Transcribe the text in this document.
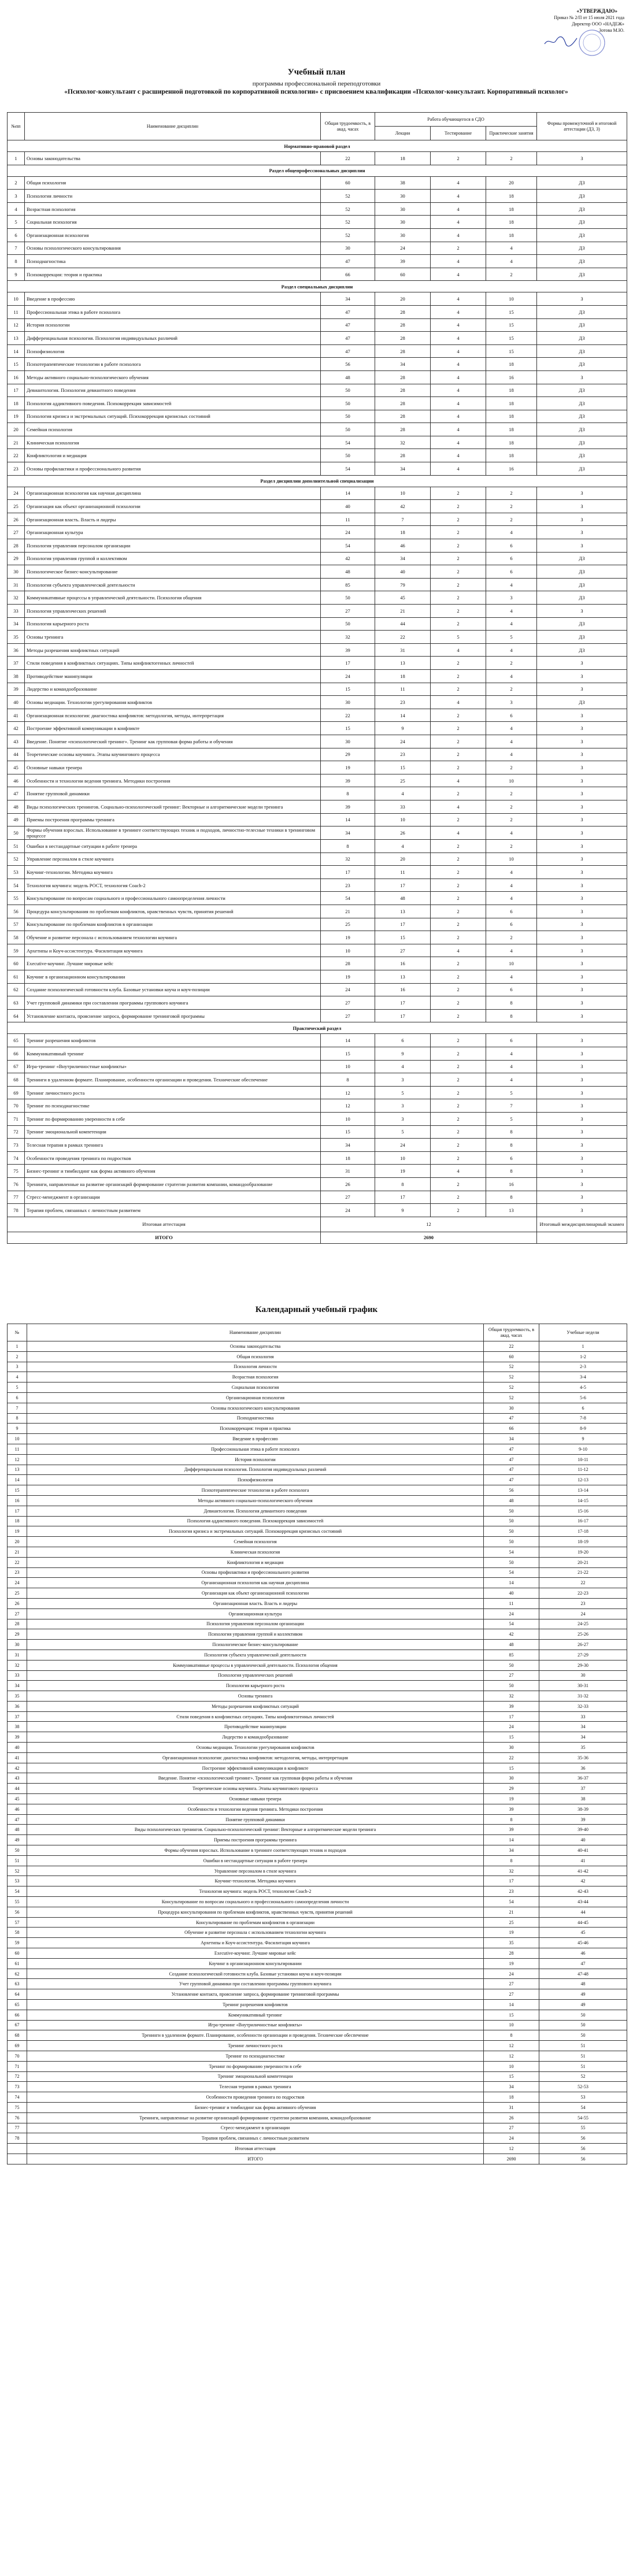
«УТВЕРЖДАЮ»
Приказ № 2/П от 15 июля 2021 года
Директор ООО «НАДЕЖ»
Зотова М.Ю.
Учебный план
программы профессиональной переподготовки
«Психолог-консультант с расширенной подготовкой по корпоративной психологии» с присвоением квалификации «Психолог-консультант. Корпоративный психолог»
№пп	Наименование дисциплин	Общая трудоемкость, в акад. часах	Работа обучающегося в СДО			Формы промежуточной и итоговой аттестации (ДЗ, З)
			Лекции	Тестирование	Практические занятия	
Нормативно-правовой раздел						
1	Основы законодательства	22	18	2	2	З
Раздел общепрофессиональных дисциплин						
2	Общая психология	60	38	4	20	ДЗ
3	Психология личности	52	30	4	18	ДЗ
4	Возрастная психология	52	30	4	18	ДЗ
5	Социальная психология	52	30	4	18	ДЗ
6	Организационная психология	52	30	4	18	ДЗ
7	Основы психологического консультирования	30	24	2	4	ДЗ
8	Психодиагностика	47	39	4	4	ДЗ
9	Психокоррекция: теория и практика	66	60	4	2	ДЗ
Раздел специальных дисциплин						
10	Введение в профессию	34	20	4	10	З
11	Профессиональная этика в работе психолога	47	28	4	15	ДЗ
12	История психологии	47	28	4	15	ДЗ
13	Дифференциальная психология. Психология индивидуальных различий	47	28	4	15	ДЗ
14	Психофизиология	47	28	4	15	ДЗ
15	Психотерапевтические технологии в работе психолога	56	34	4	18	ДЗ
16	Методы активного социально-психологического обучения	48	28	4	16	З
17	Девиантология. Психология девиантного поведения	50	28	4	18	ДЗ
18	Психология аддиктивного поведения. Психокоррекция зависимостей	50	28	4	18	ДЗ
19	Психология кризиса и экстремальных ситуаций. Психокоррекция кризисных состояний	50	28	4	18	ДЗ
20	Семейная психология	50	28	4	18	ДЗ
21	Клиническая психология	54	32	4	18	ДЗ
22	Конфликтология и медиация	50	28	4	18	ДЗ
23	Основы профилактики и профессионального развития	54	34	4	16	ДЗ
Раздел дисциплин дополнительной специализации						
24	Организационная психология как научная дисциплина	14	10	2	2	З
25	Организация как объект организационной психологии	40	42	2	2	З
26	Организационная власть. Власть и лидеры	11	7	2	2	З
27	Организационная культура	24	18	2	4	З
28	Психология управления персоналом организации	54	46	2	6	З
29	Психология управления группой и коллективом	42	34	2	6	ДЗ
30	Психологическое бизнес-консультирование	48	40	2	6	ДЗ
31	Психология субъекта управленческой деятельности	85	79	2	4	ДЗ
32	Коммуникативные процессы в управленческой деятельности. Психология общения	50	45	2	3	ДЗ
33	Психология управленческих решений	27	21	2	4	З
34	Психология карьерного роста	50	44	2	4	ДЗ
35	Основы тренинга	32	22	5	5	ДЗ
36	Методы разрешения конфликтных ситуаций	39	31	4	4	ДЗ
37	Стили поведения в конфликтных ситуациях. Типы конфликтогенных личностей	17	13	2	2	З
38	Противодействие манипуляции	24	18	2	4	З
39	Лидерство и командообразование	15	11	2	2	З
40	Основы медиации. Технологии урегулирования конфликтов	30	23	4	3	ДЗ
41	Организационная психология: диагностика конфликтов: методология, методы, интерпретация	22	14	2	6	З
42	Построение эффективной коммуникации в конфликте	15	9	2	4	З
43	Введение. Понятие «психологический тренинг». Тренинг как групповая форма работы и обучения	30	24	2	4	З
44	Теоретические основы коучинга. Этапы коучингового процесса	29	23	2	4	З
45	Основные навыки тренера	19	15	2	2	З
46	Особенности и технологии ведения тренинга. Методики построения	39	25	4	10	З
47	Понятие групповой динамики	8	4	2	2	З
48	Виды психологических тренингов. Социально-психологический тренинг: Векторные и алгоритмические модели тренинга	39	33	4	2	З
49	Приемы построения программы тренинга	14	10	2	2	З
50	Формы обучения взрослых. Использование в тренинге соответствующих техник и подходов, личностно-телесные техники в тренинговом процессе	34	26	4	4	З
51	Ошибки в нестандартные ситуации в работе тренера	8	4	2	2	З
52	Управление персоналом в стиле коучинга	32	20	2	10	З
53	Коучинг-технологии. Методика коучинга	17	11	2	4	З
54	Технология коучинга: модель РОСТ, технология Coach-2	23	17	2	4	З
55	Консультирование по вопросам социального и профессионального самоопределения личности	54	48	2	4	З
56	Процедура консультирования по проблемам конфликтов, нравственных чувств, принятия решений	21	13	2	6	З
57	Консультирование по проблемам конфликтов в организации	25	17	2	6	З
58	Обучение и развитие персонала с использованием технологии коучинга	19	15	2	2	З
59	Архетипы и Коуч-ассистентура. Фасилитация коучинга	10	27	4	4	З
60	Executive-коучинг. Лучшие мировые кейс	28	16	2	10	З
61	Коучинг в организационном консультировании	19	13	2	4	З
62	Создание психологической готовности клуба. Базовые установки коуча и коуч-позиции	24	16	2	6	З
63	Учет групповой динамики при составлении программы группового коучинга	27	17	2	8	З
64	Установление контакта, прояснение запроса, формирование тренинговой программы	27	17	2	8	З
Практический раздел						
65	Тренинг разрешения конфликтов	14	6	2	6	З
66	Коммуникативный тренинг	15	9	2	4	З
67	Игра-тренинг «Внутриличностные конфликты»	10	4	2	4	З
68	Тренинги в удаленном формате. Планирование, особенности организации и проведения. Технические обеспечение	8	3	2	4	З
69	Тренинг личностного роста	12	5	2	5	З
70	Тренинг по психодиагностике	12	3	2	7	З
71	Тренинг по формированию уверенности в себе	10	3	2	5	З
72	Тренинг эмоциональной компетенции	15	5	2	8	З
73	Телесная терапия в рамках тренинга	34	24	2	8	З
74	Особенности проведения тренинга по подростков	18	10	2	6	З
75	Бизнес-тренинг и тимбилдинг как форма активного обучения	31	19	4	8	З
76	Тренинги, направленные на развитие организаций формирование стратегии развития компании, командообразование	26	8	2	16	З
77	Стресс-менеджмент в организации	27	17	2	8	З
78	Терапия проблем, связанных с личностным развитием	24	9	2	13	З
Итоговая аттестация		12				Итоговый междисциплинарный экзамен
ИТОГО		2690				
Календарный учебный график
№	Наименование дисциплин	Общая трудоемкость, в акад. часах	Учебные недели
1	Основы законодательства	22	1
2	Общая психология	60	1-2
3	Психология личности	52	2-3
4	Возрастная психология	52	3-4
5	Социальная психология	52	4-5
6	Организационная психология	52	5-6
7	Основы психологического консультирования	30	6
8	Психодиагностика	47	7-8
9	Психокоррекция: теория и практика	66	8-9
10	Введение в профессию	34	9
11	Профессиональная этика в работе психолога	47	9-10
12	История психологии	47	10-11
13	Дифференциальная психология. Психология индивидуальных различий	47	11-12
14	Психофизиология	47	12-13
15	Психотерапевтические технологии в работе психолога	56	13-14
16	Методы активного социально-психологического обучения	48	14-15
17	Девиантология. Психология девиантного поведения	50	15-16
18	Психология аддиктивного поведения. Психокоррекция зависимостей	50	16-17
19	Психология кризиса и экстремальных ситуаций. Психокоррекция кризисных состояний	50	17-18
20	Семейная психология	50	18-19
21	Клиническая психология	54	19-20
22	Конфликтология и медиация	50	20-21
23	Основы профилактики и профессионального развития	54	21-22
24	Организационная психология как научная дисциплина	14	22
25	Организация как объект организационной психологии	40	22-23
26	Организационная власть. Власть и лидеры	11	23
27	Организационная культура	24	24
28	Психология управления персоналом организации	54	24-25
29	Психология управления группой и коллективом	42	25-26
30	Психологическое бизнес-консультирование	48	26-27
31	Психология субъекта управленческой деятельности	85	27-29
32	Коммуникативные процессы в управленческой деятельности. Психология общения	50	29-30
33	Психология управленческих решений	27	30
34	Психология карьерного роста	50	30-31
35	Основы тренинга	32	31-32
36	Методы разрешения конфликтных ситуаций	39	32-33
37	Стили поведения в конфликтных ситуациях. Типы конфликтогенных личностей	17	33
38	Противодействие манипуляции	24	34
39	Лидерство и командообразование	15	34
40	Основы медиации. Технологии урегулирования конфликтов	30	35
41	Организационная психология: диагностика конфликтов: методология, методы, интерпретация	22	35-36
42	Построение эффективной коммуникации в конфликте	15	36
43	Введение. Понятие «психологический тренинг». Тренинг как групповая форма работы и обучения	30	36-37
44	Теоретические основы коучинга. Этапы коучингового процесса	29	37
45	Основные навыки тренера	19	38
46	Особенности и технологии ведения тренинга. Методики построения	39	38-39
47	Понятие групповой динамики	8	39
48	Виды психологических тренингов. Социально-психологический тренинг: Векторные и алгоритмические модели тренинга	39	39-40
49	Приемы построения программы тренинга	14	40
50	Формы обучения взрослых. Использование в тренинге соответствующих техник и подходов	34	40-41
51	Ошибки в нестандартные ситуации в работе тренера	8	41
52	Управление персоналом в стиле коучинга	32	41-42
53	Коучинг-технологии. Методика коучинга	17	42
54	Технология коучинга: модель РОСТ, технология Coach-2	23	42-43
55	Консультирование по вопросам социального и профессионального самоопределения личности	54	43-44
56	Процедура консультирования по проблемам конфликтов, нравственных чувств, принятия решений	21	44
57	Консультирование по проблемам конфликтов в организации	25	44-45
58	Обучение и развитие персонала с использованием технологии коучинга	19	45
59	Архетипы и Коуч-ассистентура. Фасилитация коучинга	35	45-46
60	Executive-коучинг. Лучшие мировые кейс	28	46
61	Коучинг в организационном консультировании	19	47
62	Создание психологической готовности клуба. Базовые установки коуча и коуч-позиции	24	47-48
63	Учет групповой динамики при составлении программы группового коучинга	27	48
64	Установление контакта, прояснение запроса, формирование тренинговой программы	27	49
65	Тренинг разрешения конфликтов	14	49
66	Коммуникативный тренинг	15	50
67	Игра-тренинг «Внутриличностные конфликты»	10	50
68	Тренинги в удаленном формате. Планирование, особенности организации и проведения. Технические обеспечение	8	50
69	Тренинг личностного роста	12	51
70	Тренинг по психодиагностике	12	51
71	Тренинг по формированию уверенности в себе	10	51
72	Тренинг эмоциональной компетенции	15	52
73	Телесная терапия в рамках тренинга	34	52-53
74	Особенности проведения тренинга по подростков	18	53
75	Бизнес-тренинг и тимбилдинг как форма активного обучения	31	54
76	Тренинги, направленные на развитие организаций формирование стратегии развития компании, командообразование	26	54-55
77	Стресс-менеджмент в организации	27	55
78	Терапия проблем, связанных с личностным развитием	24	56
	Итоговая аттестация	12	56
	ИТОГО	2690	56
